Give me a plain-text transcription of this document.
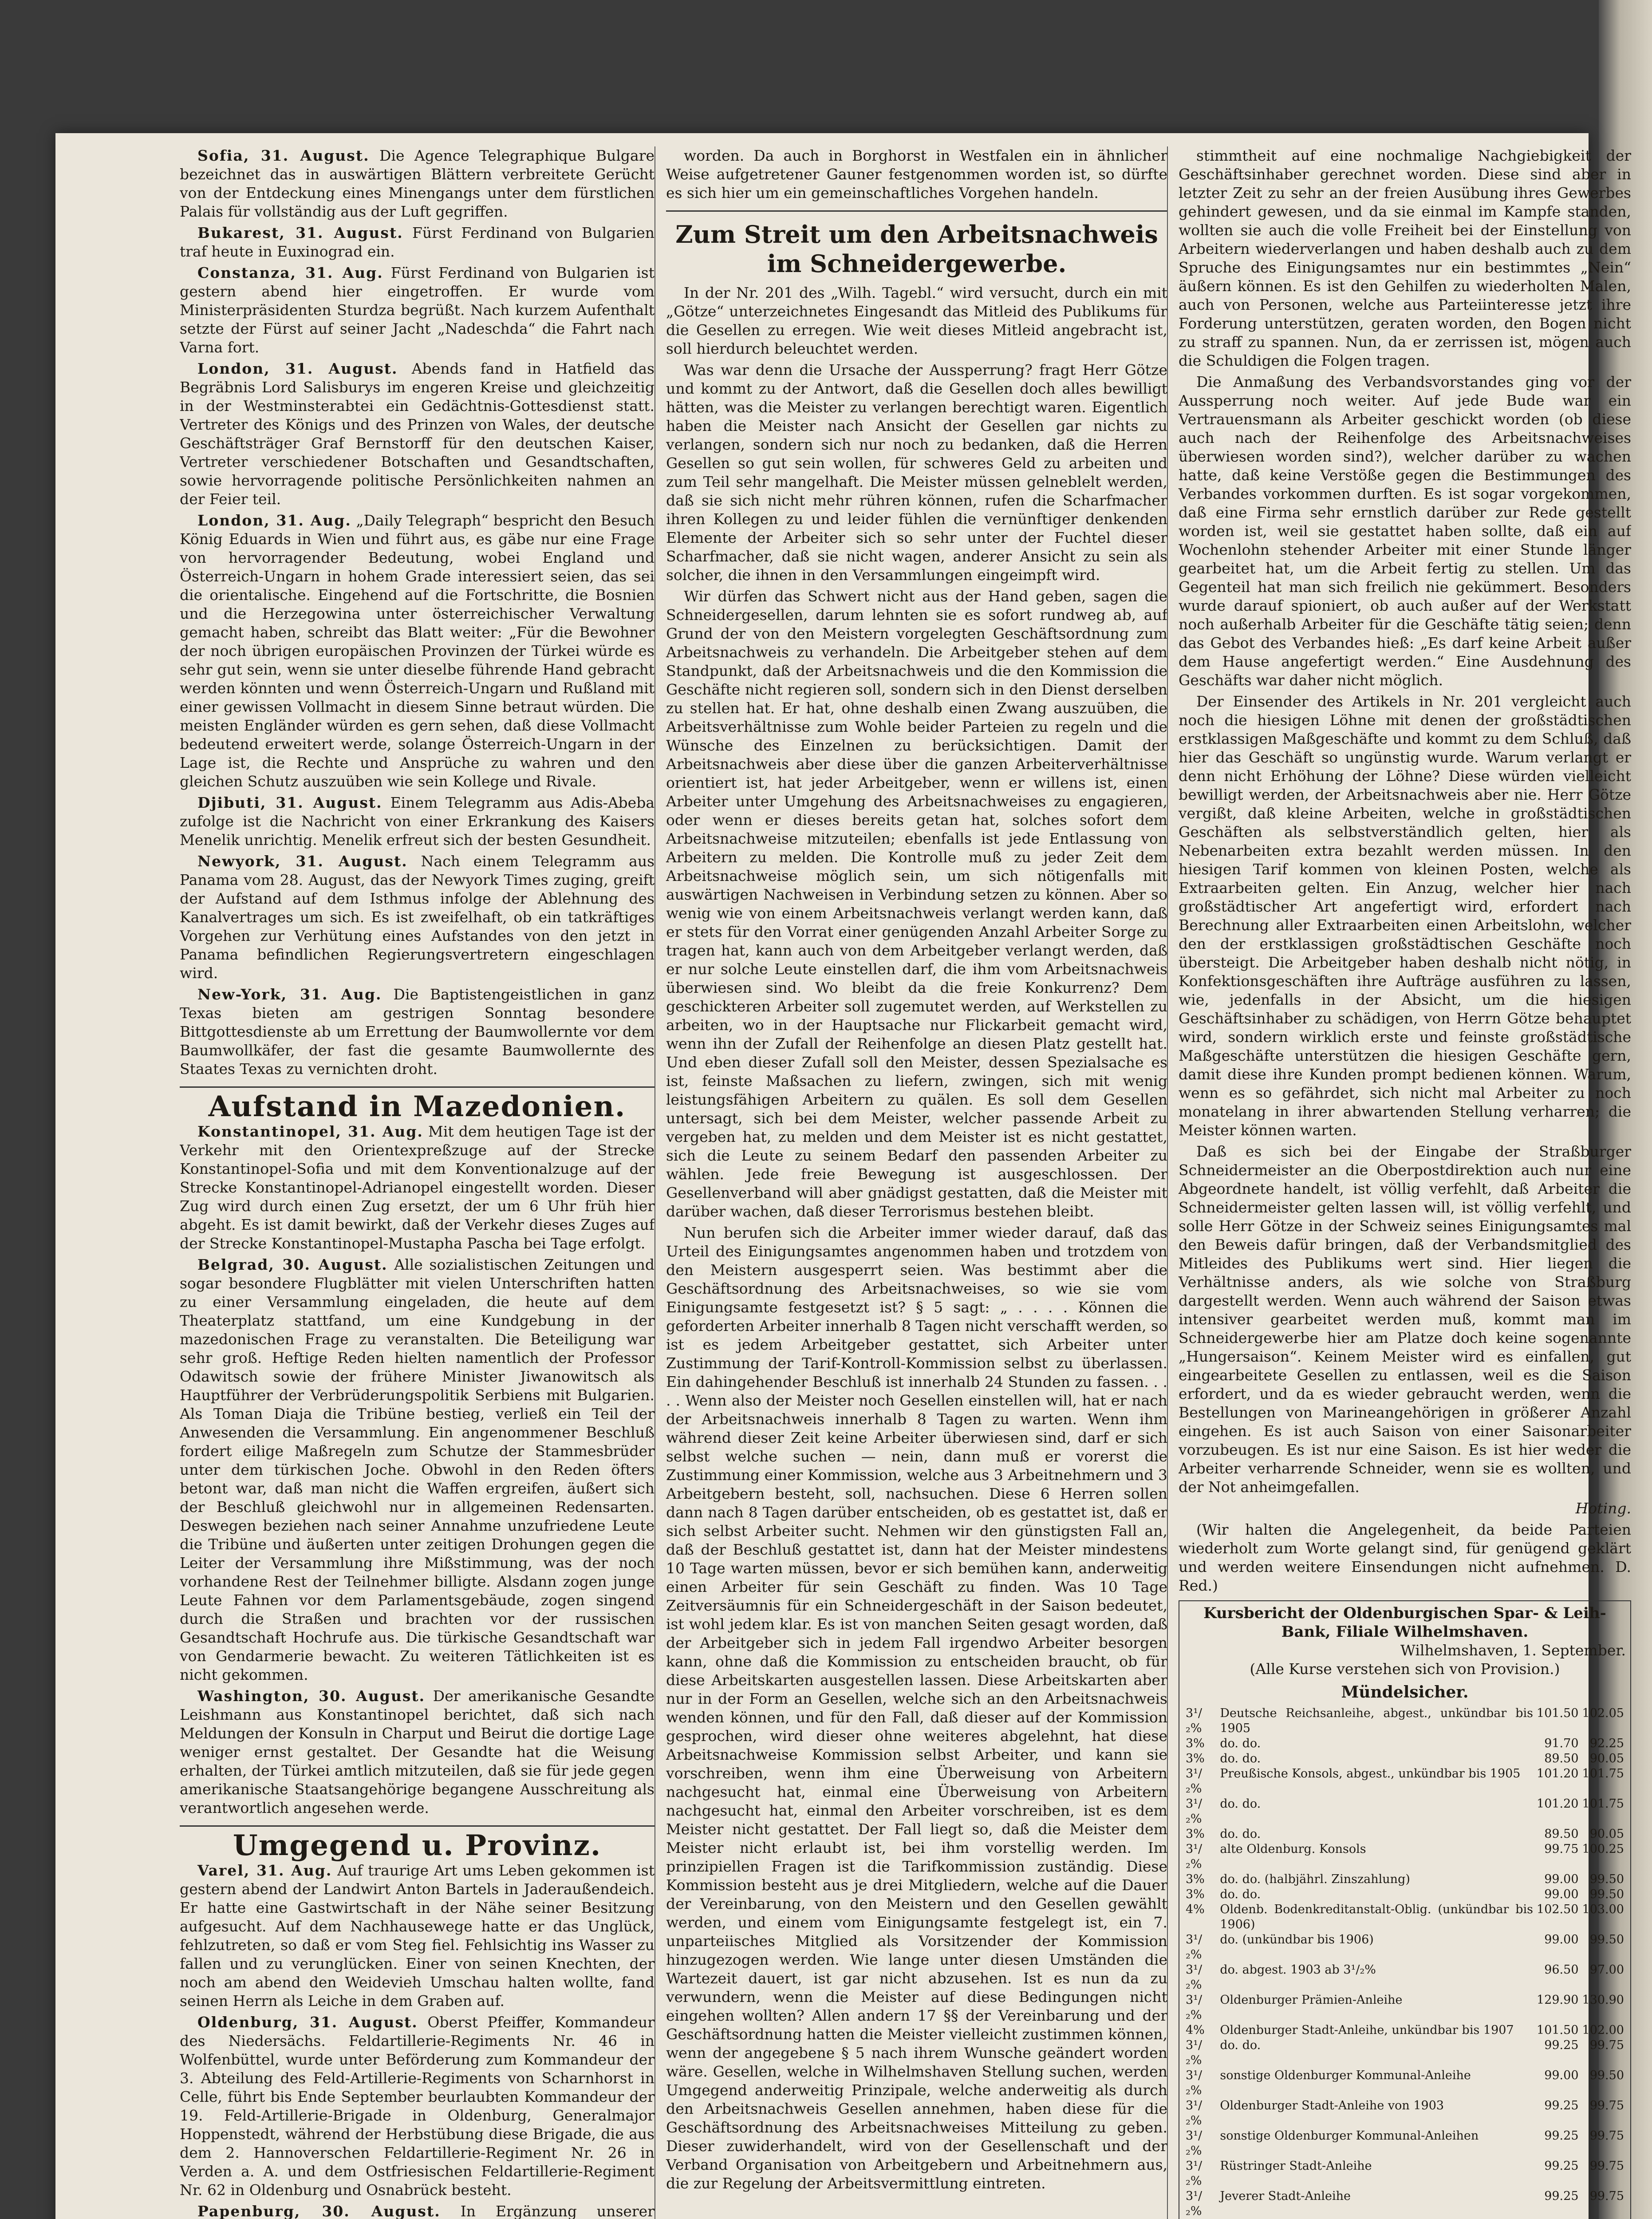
Sofia, 31. August. Die Agence Telegraphique Bulgare bezeichnet das in auswärtigen Blättern verbreitete Gerücht von der Entdeckung eines Minengangs unter dem fürstlichen Palais für vollständig aus der Luft gegriffen.

Bukarest, 31. August. Fürst Ferdinand von Bulgarien traf heute in Euxinograd ein.

Constanza, 31. Aug. Fürst Ferdinand von Bulgarien ist gestern abend hier eingetroffen. Er wurde vom Ministerpräsidenten Sturdza begrüßt. Nach kurzem Aufenthalt setzte der Fürst auf seiner Jacht „Nadeschda“ die Fahrt nach Varna fort.

London, 31. August. Abends fand in Hatfield das Begräbnis Lord Salisburys im engeren Kreise und gleichzeitig in der Westminsterabtei ein Gedächtnis-Gottesdienst statt. Vertreter des Königs und des Prinzen von Wales, der deutsche Geschäftsträger Graf Bernstorff für den deutschen Kaiser, Vertreter verschiedener Botschaften und Gesandtschaften, sowie hervorragende politische Persönlichkeiten nahmen an der Feier teil.

London, 31. Aug. „Daily Telegraph“ bespricht den Besuch König Eduards in Wien und führt aus, es gäbe nur eine Frage von hervorragender Bedeutung, wobei England und Österreich-Ungarn in hohem Grade interessiert seien, das sei die orientalische. Eingehend auf die Fortschritte, die Bosnien und die Herzegowina unter österreichischer Verwaltung gemacht haben, schreibt das Blatt weiter: „Für die Bewohner der noch übrigen europäischen Provinzen der Türkei würde es sehr gut sein, wenn sie unter dieselbe führende Hand gebracht werden könnten und wenn Österreich-Ungarn und Rußland mit einer gewissen Vollmacht in diesem Sinne betraut würden. Die meisten Engländer würden es gern sehen, daß diese Vollmacht bedeutend erweitert werde, solange Österreich-Ungarn in der Lage ist, die Rechte und Ansprüche zu wahren und den gleichen Schutz auszuüben wie sein Kollege und Rivale.

Djibuti, 31. August. Einem Telegramm aus Adis-Abeba zufolge ist die Nachricht von einer Erkrankung des Kaisers Menelik unrichtig. Menelik erfreut sich der besten Gesundheit.

Newyork, 31. August. Nach einem Telegramm aus Panama vom 28. August, das der Newyork Times zuging, greift der Aufstand auf dem Isthmus infolge der Ablehnung des Kanalvertrages um sich. Es ist zweifelhaft, ob ein tatkräftiges Vorgehen zur Verhütung eines Aufstandes von den jetzt in Panama befindlichen Regierungsvertretern eingeschlagen wird.

New-York, 31. Aug. Die Baptistengeistlichen in ganz Texas bieten am gestrigen Sonntag besondere Bittgottesdienste ab um Errettung der Baumwollernte vor dem Baumwollkäfer, der fast die gesamte Baumwollernte des Staates Texas zu vernichten droht.

Aufstand in Mazedonien.

Konstantinopel, 31. Aug. Mit dem heutigen Tage ist der Verkehr mit den Orientexpreßzuge auf der Strecke Konstantinopel-Sofia und mit dem Konventionalzuge auf der Strecke Konstantinopel-Adrianopel eingestellt worden. Dieser Zug wird durch einen Zug ersetzt, der um 6 Uhr früh hier abgeht. Es ist damit bewirkt, daß der Verkehr dieses Zuges auf der Strecke Konstantinopel-Mustapha Pascha bei Tage erfolgt.

Belgrad, 30. August. Alle sozialistischen Zeitungen und sogar besondere Flugblätter mit vielen Unterschriften hatten zu einer Versammlung eingeladen, die heute auf dem Theaterplatz stattfand, um eine Kundgebung in der mazedonischen Frage zu veranstalten. Die Beteiligung war sehr groß. Heftige Reden hielten namentlich der Professor Odawitsch sowie der frühere Minister Jiwanowitsch als Hauptführer der Verbrüderungspolitik Serbiens mit Bulgarien. Als Toman Diaja die Tribüne bestieg, verließ ein Teil der Anwesenden die Versammlung. Ein angenommener Beschluß fordert eilige Maßregeln zum Schutze der Stammesbrüder unter dem türkischen Joche. Obwohl in den Reden öfters betont war, daß man nicht die Waffen ergreifen, äußert sich der Beschluß gleichwohl nur in allgemeinen Redensarten. Deswegen beziehen nach seiner Annahme unzufriedene Leute die Tribüne und äußerten unter zeitigen Drohungen gegen die Leiter der Versammlung ihre Mißstimmung, was der noch vorhandene Rest der Teilnehmer billigte. Alsdann zogen junge Leute Fahnen vor dem Parlamentsgebäude, zogen singend durch die Straßen und brachten vor der russischen Gesandtschaft Hochrufe aus. Die türkische Gesandtschaft war von Gendarmerie bewacht. Zu weiteren Tätlichkeiten ist es nicht gekommen.

Washington, 30. August. Der amerikanische Gesandte Leishmann aus Konstantinopel berichtet, daß sich nach Meldungen der Konsuln in Charput und Beirut die dortige Lage weniger ernst gestaltet. Der Gesandte hat die Weisung erhalten, der Türkei amtlich mitzuteilen, daß sie für jede gegen amerikanische Staatsangehörige begangene Ausschreitung als verantwortlich angesehen werde.

Umgegend u. Provinz.

Varel, 31. Aug. Auf traurige Art ums Leben gekommen ist gestern abend der Landwirt Anton Bartels in Jaderaußendeich. Er hatte eine Gastwirtschaft in der Nähe seiner Besitzung aufgesucht. Auf dem Nachhausewege hatte er das Unglück, fehlzutreten, so daß er vom Steg fiel. Fehlsichtig ins Wasser zu fallen und zu verunglücken. Einer von seinen Knechten, der noch am abend den Weidevieh Umschau halten wollte, fand seinen Herrn als Leiche in dem Graben auf.

Oldenburg, 31. August. Oberst Pfeiffer, Kommandeur des Niedersächs. Feldartillerie-Regiments Nr. 46 in Wolfenbüttel, wurde unter Beförderung zum Kommandeur der 3. Abteilung des Feld-Artillerie-Regiments von Scharnhorst in Celle, führt bis Ende September beurlaubten Kommandeur der 19. Feld-Artillerie-Brigade in Oldenburg, Generalmajor Hoppenstedt, während der Herbstübung diese Brigade, die aus dem 2. Hannoverschen Feldartillerie-Regiment Nr. 26 in Verden a. A. und dem Ostfriesischen Feldartillerie-Regiment Nr. 62 in Oldenburg und Osnabrück besteht.

Papenburg, 30. August. In Ergänzung unserer

worden. Da auch in Borghorst in Westfalen ein in ähnlicher Weise aufgetretener Gauner festgenommen worden ist, so dürfte es sich hier um ein gemeinschaftliches Vorgehen handeln.

Zum Streit um den Arbeitsnachweis im Schneidergewerbe.

In der Nr. 201 des „Wilh. Tagebl.“ wird versucht, durch ein mit „Götze“ unterzeichnetes Eingesandt das Mitleid des Publikums für die Gesellen zu erregen. Wie weit dieses Mitleid angebracht ist, soll hierdurch beleuchtet werden.

Was war denn die Ursache der Aussperrung? fragt Herr Götze und kommt zu der Antwort, daß die Gesellen doch alles bewilligt hätten, was die Meister zu verlangen berechtigt waren. Eigentlich haben die Meister nach Ansicht der Gesellen gar nichts zu verlangen, sondern sich nur noch zu bedanken, daß die Herren Gesellen so gut sein wollen, für schweres Geld zu arbeiten und zum Teil sehr mangelhaft. Die Meister müssen gelneblelt werden, daß sie sich nicht mehr rühren können, rufen die Scharfmacher ihren Kollegen zu und leider fühlen die vernünftiger denkenden Elemente der Arbeiter sich so sehr unter der Fuchtel dieser Scharfmacher, daß sie nicht wagen, anderer Ansicht zu sein als solcher, die ihnen in den Versammlungen eingeimpft wird.

Wir dürfen das Schwert nicht aus der Hand geben, sagen die Schneidergesellen, darum lehnten sie es sofort rundweg ab, auf Grund der von den Meistern vorgelegten Geschäftsordnung zum Arbeitsnachweis zu verhandeln. Die Arbeitgeber stehen auf dem Standpunkt, daß der Arbeitsnachweis und die den Kommission die Geschäfte nicht regieren soll, sondern sich in den Dienst derselben zu stellen hat. Er hat, ohne deshalb einen Zwang auszuüben, die Arbeitsverhältnisse zum Wohle beider Parteien zu regeln und die Wünsche des Einzelnen zu berücksichtigen. Damit der Arbeitsnachweis aber diese über die ganzen Arbeiterverhältnisse orientiert ist, hat jeder Arbeitgeber, wenn er willens ist, einen Arbeiter unter Umgehung des Arbeitsnachweises zu engagieren, oder wenn er dieses bereits getan hat, solches sofort dem Arbeitsnachweise mitzuteilen; ebenfalls ist jede Entlassung von Arbeitern zu melden. Die Kontrolle muß zu jeder Zeit dem Arbeitsnachweise möglich sein, um sich nötigenfalls mit auswärtigen Nachweisen in Verbindung setzen zu können. Aber so wenig wie von einem Arbeitsnachweis verlangt werden kann, daß er stets für den Vorrat einer genügenden Anzahl Arbeiter Sorge zu tragen hat, kann auch von dem Arbeitgeber verlangt werden, daß er nur solche Leute einstellen darf, die ihm vom Arbeitsnachweis überwiesen sind. Wo bleibt da die freie Konkurrenz? Dem geschickteren Arbeiter soll zugemutet werden, auf Werkstellen zu arbeiten, wo in der Hauptsache nur Flickarbeit gemacht wird, wenn ihn der Zufall der Reihenfolge an diesen Platz gestellt hat. Und eben dieser Zufall soll den Meister, dessen Spezialsache es ist, feinste Maßsachen zu liefern, zwingen, sich mit wenig leistungsfähigen Arbeitern zu quälen. Es soll dem Gesellen untersagt, sich bei dem Meister, welcher passende Arbeit zu vergeben hat, zu melden und dem Meister ist es nicht gestattet, sich die Leute zu seinem Bedarf den passenden Arbeiter zu wählen. Jede freie Bewegung ist ausgeschlossen. Der Gesellenverband will aber gnädigst gestatten, daß die Meister mit darüber wachen, daß dieser Terrorismus bestehen bleibt.

Nun berufen sich die Arbeiter immer wieder darauf, daß das Urteil des Einigungsamtes angenommen haben und trotzdem von den Meistern ausgesperrt seien. Was bestimmt aber die Geschäftsordnung des Arbeitsnachweises, so wie sie vom Einigungsamte festgesetzt ist? § 5 sagt: „ . . . . Können die geforderten Arbeiter innerhalb 8 Tagen nicht verschafft werden, so ist es jedem Arbeitgeber gestattet, sich Arbeiter unter Zustimmung der Tarif-Kontroll-Kommission selbst zu überlassen. Ein dahingehender Beschluß ist innerhalb 24 Stunden zu fassen. . . . . Wenn also der Meister noch Gesellen einstellen will, hat er nach der Arbeitsnachweis innerhalb 8 Tagen zu warten. Wenn ihm während dieser Zeit keine Arbeiter überwiesen sind, darf er sich selbst welche suchen — nein, dann muß er vorerst die Zustimmung einer Kommission, welche aus 3 Arbeitnehmern und 3 Arbeitgebern besteht, soll, nachsuchen. Diese 6 Herren sollen dann nach 8 Tagen darüber entscheiden, ob es gestattet ist, daß er sich selbst Arbeiter sucht. Nehmen wir den günstigsten Fall an, daß der Beschluß gestattet ist, dann hat der Meister mindestens 10 Tage warten müssen, bevor er sich bemühen kann, anderweitig einen Arbeiter für sein Geschäft zu finden. Was 10 Tage Zeitversäumnis für ein Schneidergeschäft in der Saison bedeutet, ist wohl jedem klar. Es ist von manchen Seiten gesagt worden, daß der Arbeitgeber sich in jedem Fall irgendwo Arbeiter besorgen kann, ohne daß die Kommission zu entscheiden braucht, ob für diese Arbeitskarten ausgestellen lassen. Diese Arbeitskarten aber nur in der Form an Gesellen, welche sich an den Arbeitsnachweis wenden können, und für den Fall, daß dieser auf der Kommission gesprochen, wird dieser ohne weiteres abgelehnt, hat diese Arbeitsnachweise Kommission selbst Arbeiter, und kann sie vorschreiben, wenn ihm eine Überweisung von Arbeitern nachgesucht hat, einmal eine Überweisung von Arbeitern nachgesucht hat, einmal den Arbeiter vorschreiben, ist es dem Meister nicht gestattet. Der Fall liegt so, daß die Meister dem Meister nicht erlaubt ist, bei ihm vorstellig werden. Im prinzipiellen Fragen ist die Tarifkommission zuständig. Diese Kommission besteht aus je drei Mitgliedern, welche auf die Dauer der Vereinbarung, von den Meistern und den Gesellen gewählt werden, und einem vom Einigungsamte festgelegt ist, ein 7. unparteiisches Mitglied als Vorsitzender der Kommission hinzugezogen werden. Wie lange unter diesen Umständen die Wartezeit dauert, ist gar nicht abzusehen. Ist es nun da zu verwundern, wenn die Meister auf diese Bedingungen nicht eingehen wollten? Allen andern 17 §§ der Vereinbarung und der Geschäftsordnung hatten die Meister vielleicht zustimmen können, wenn der angegebene § 5 nach ihrem Wunsche geändert worden wäre. Gesellen, welche in Wilhelmshaven Stellung suchen, werden Umgegend anderweitig Prinzipale, welche anderweitig als durch den Arbeitsnachweis Gesellen annehmen, haben diese für die Geschäftsordnung des Arbeitsnachweises Mitteilung zu geben. Dieser zuwiderhandelt, wird von der Gesellenschaft und der Verband Organisation von Arbeitgebern und Arbeitnehmern aus, die zur Regelung der Arbeitsvermittlung eintreten.

stimmtheit auf eine nochmalige Nachgiebigkeit der Geschäftsinhaber gerechnet worden. Diese sind aber in letzter Zeit zu sehr an der freien Ausübung ihres Gewerbes gehindert gewesen, und da sie einmal im Kampfe standen, wollten sie auch die volle Freiheit bei der Einstellung von Arbeitern wiederverlangen und haben deshalb auch zu dem Spruche des Einigungsamtes nur ein bestimmtes „Nein“ äußern können. Es ist den Gehilfen zu wiederholten Malen, auch von Personen, welche aus Parteiinteresse jetzt ihre Forderung unterstützen, geraten worden, den Bogen nicht zu straff zu spannen. Nun, da er zerrissen ist, mögen auch die Schuldigen die Folgen tragen.

Die Anmaßung des Verbandsvorstandes ging vor der Aussperrung noch weiter. Auf jede Bude war ein Vertrauensmann als Arbeiter geschickt worden (ob diese auch nach der Reihenfolge des Arbeitsnachweises überwiesen worden sind?), welcher darüber zu wachen hatte, daß keine Verstöße gegen die Bestimmungen des Verbandes vorkommen durften. Es ist sogar vorgekommen, daß eine Firma sehr ernstlich darüber zur Rede gestellt worden ist, weil sie gestattet haben sollte, daß ein auf Wochenlohn stehender Arbeiter mit einer Stunde länger gearbeitet hat, um die Arbeit fertig zu stellen. Um das Gegenteil hat man sich freilich nie gekümmert. Besonders wurde darauf spioniert, ob auch außer auf der Werkstatt noch außerhalb Arbeiter für die Geschäfte tätig seien; denn das Gebot des Verbandes hieß: „Es darf keine Arbeit außer dem Hause angefertigt werden.“ Eine Ausdehnung des Geschäfts war daher nicht möglich.

Der Einsender des Artikels in Nr. 201 vergleicht auch noch die hiesigen Löhne mit denen der großstädtischen erstklassigen Maßgeschäfte und kommt zu dem Schluß, daß hier das Geschäft so ungünstig wurde. Warum verlangt er denn nicht Erhöhung der Löhne? Diese würden vielleicht bewilligt werden, der Arbeitsnachweis aber nie. Herr Götze vergißt, daß kleine Arbeiten, welche in großstädtischen Geschäften als selbstverständlich gelten, hier als Nebenarbeiten extra bezahlt werden müssen. In den hiesigen Tarif kommen von kleinen Posten, welche als Extraarbeiten gelten. Ein Anzug, welcher hier nach großstädtischer Art angefertigt wird, erfordert nach Berechnung aller Extraarbeiten einen Arbeitslohn, welcher den der erstklassigen großstädtischen Geschäfte noch übersteigt. Die Arbeitgeber haben deshalb nicht nötig, in Konfektionsgeschäften ihre Aufträge ausführen zu lassen, wie, jedenfalls in der Absicht, um die hiesigen Geschäftsinhaber zu schädigen, von Herrn Götze behauptet wird, sondern wirklich erste und feinste großstädtische Maßgeschäfte unterstützen die hiesigen Geschäfte gern, damit diese ihre Kunden prompt bedienen können. Warum, wenn es so gefährdet, sich nicht mal Arbeiter zu noch monatelang in ihrer abwartenden Stellung verharren; die Meister können warten.

Daß es sich bei der Eingabe der Straßburger Schneidermeister an die Oberpostdirektion auch nur eine Abgeordnete handelt, ist völlig verfehlt, daß Arbeiter die Schneidermeister gelten lassen will, ist völlig verfehlt, und solle Herr Götze in der Schweiz seines Einigungsamtes mal den Beweis dafür bringen, daß der Verbandsmitglied des Mitleides des Publikums wert sind. Hier liegen die Verhältnisse anders, als wie solche von Straßburg dargestellt werden. Wenn auch während der Saison etwas intensiver gearbeitet werden muß, kommt man im Schneidergewerbe hier am Platze doch keine sogenannte „Hungersaison“. Keinem Meister wird es einfallen, gut eingearbeitete Gesellen zu entlassen, weil es die Saison erfordert, und da es wieder gebraucht werden, wenn die Bestellungen von Marineangehörigen in größerer Anzahl eingehen. Es ist auch Saison von einer Saisonarbeiter vorzubeugen. Es ist nur eine Saison. Es ist hier weder die Arbeiter verharrende Schneider, wenn sie es wollten, und der Not anheimgefallen.

Hoting.

(Wir halten die Angelegenheit, da beide Parteien wiederholt zum Worte gelangt sind, für genügend geklärt und werden weitere Einsendungen nicht aufnehmen. D. Red.)

Kursbericht der Oldenburgischen Spar- & Leih-Bank, Filiale Wilhelmshaven.
Wilhelmshaven, 1. September.
(Alle Kurse verstehen sich von Provision.)
Mündelsicher.
3¹/₂%	Deutsche Reichsanleihe, abgest., unkündbar bis 1905	101.50	102.05
3%	do. do.	91.70	92.25
3%	do. do.	89.50	90.05
3¹/₂%	Preußische Konsols, abgest., unkündbar bis 1905	101.20	101.75
3¹/₂%	do. do.	101.20	101.75
3%	do. do.	89.50	90.05
3¹/₂%	alte Oldenburg. Konsols	99.75	100.25
3%	do. do. (halbjährl. Zinszahlung)	99.00	99.50
3%	do. do.	99.00	99.50
4%	Oldenb. Bodenkreditanstalt-Oblig. (unkündbar bis 1906)	102.50	103.00
3¹/₂%	do. (unkündbar bis 1906)	99.00	99.50
3¹/₂%	do. abgest. 1903 ab 3¹/₂%	96.50	97.00
3¹/₂%	Oldenburger Prämien-Anleihe	129.90	130.90
4%	Oldenburger Stadt-Anleihe, unkündbar bis 1907	101.50	102.00
3¹/₂%	do. do.	99.25	99.75
3¹/₂%	sonstige Oldenburger Kommunal-Anleihe	99.00	99.50
3¹/₂%	Oldenburger Stadt-Anleihe von 1903	99.25	99.75
3¹/₂%	sonstige Oldenburger Kommunal-Anleihen	99.25	99.75
3¹/₂%	Rüstringer Stadt-Anleihe	99.25	99.75
3¹/₂%	Jeverer Stadt-Anleihe	99.25	99.75
